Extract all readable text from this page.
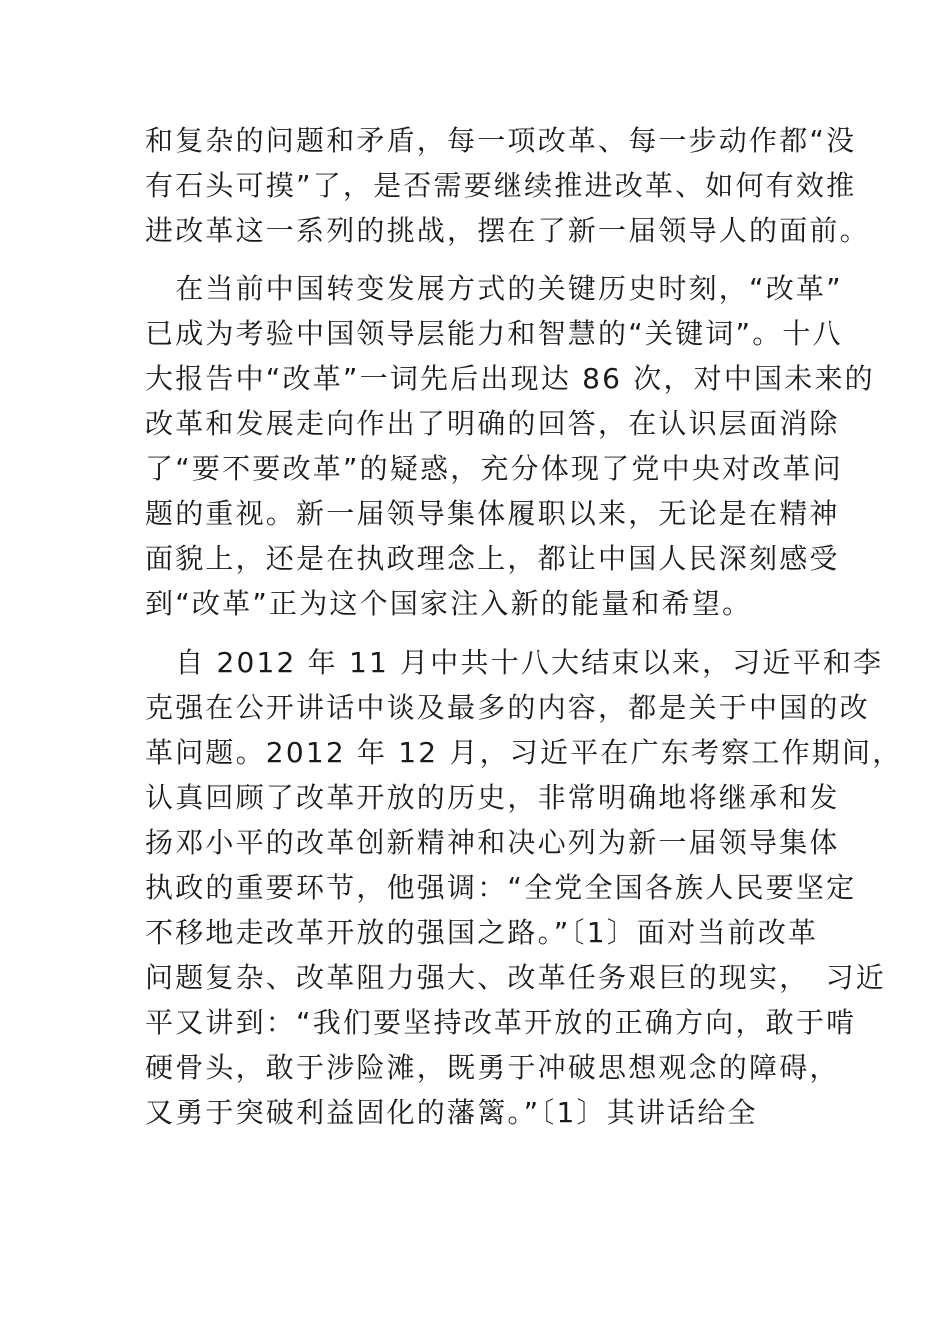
和复杂的问题和矛盾，每一项改革、每一步动作都“没
有石头可摸”了，是否需要继续推进改革、如何有效推
进改革这一系列的挑战，摆在了新一届领导人的面前。
　在当前中国转变发展方式的关键历史时刻，“改革”
已成为考验中国领导层能力和智慧的“关键词”。十八
大报告中“改革”一词先后出现达 86 次，对中国未来的
改革和发展走向作出了明确的回答，在认识层面消除
了“要不要改革”的疑惑，充分体现了党中央对改革问
题的重视。新一届领导集体履职以来，无论是在精神
面貌上，还是在执政理念上，都让中国人民深刻感受
到“改革”正为这个国家注入新的能量和希望。
　自 2012 年 11 月中共十八大结束以来，习近平和李
克强在公开讲话中谈及最多的内容，都是关于中国的改
革问题。2012 年 12 月，习近平在广东考察工作期间，
认真回顾了改革开放的历史，非常明确地将继承和发
扬邓小平的改革创新精神和决心列为新一届领导集体
执政的重要环节，他强调：“全党全国各族人民要坚定
不移地走改革开放的强国之路。”〔1〕面对当前改革
问题复杂、改革阻力强大、改革任务艰巨的现实，　习近
平又讲到：“我们要坚持改革开放的正确方向，敢于啃
硬骨头，敢于涉险滩，既勇于冲破思想观念的障碍，
又勇于突破利益固化的藩篱。”〔1〕其讲话给全
